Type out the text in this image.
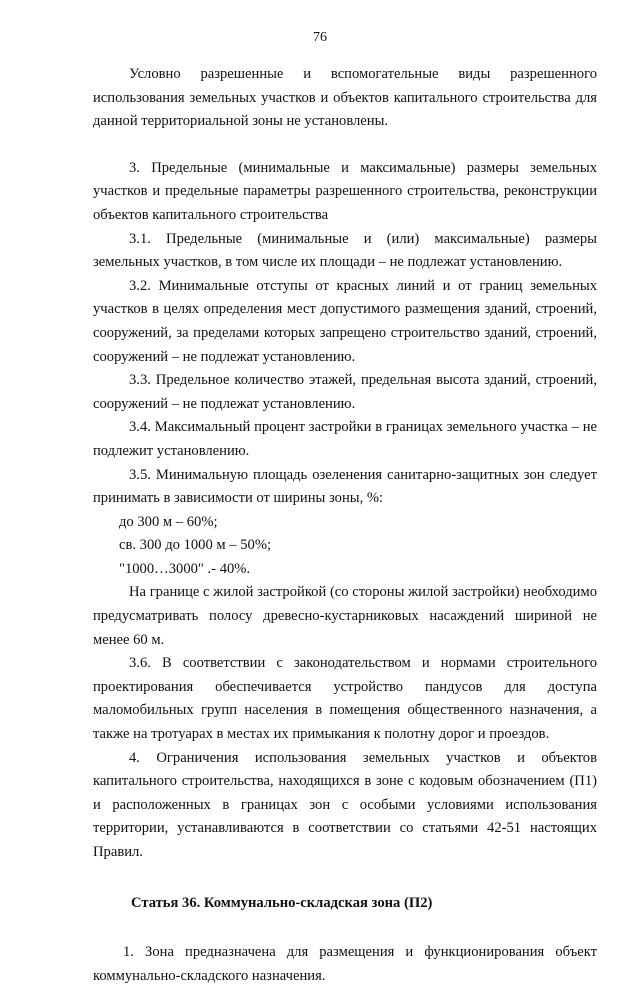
76

Условно разрешенные и вспомогательные виды разрешенного использования земельных участков и объектов капитального строительства для данной территориальной зоны не установлены.

3. Предельные (минимальные и максимальные) размеры земельных участков и предельные параметры разрешенного строительства, реконструкции объектов капитального строительства

3.1. Предельные (минимальные и (или) максимальные) размеры земельных участков, в том числе их площади – не подлежат установлению.

3.2. Минимальные отступы от красных линий и от границ земельных участков в целях определения мест допустимого размещения зданий, строений, сооружений, за пределами которых запрещено строительство зданий, строений, сооружений – не подлежат установлению.

3.3. Предельное количество этажей, предельная высота зданий, строений, сооружений – не подлежат установлению.

3.4. Максимальный процент застройки в границах земельного участка – не подлежит установлению.

3.5. Минимальную площадь озеленения санитарно-защитных зон следует принимать в зависимости от ширины зоны, %:

до 300 м – 60%;

св. 300 до 1000 м – 50%;

"1000…3000" .- 40%.

На границе с жилой застройкой (со стороны жилой застройки) необходимо предусматривать полосу древесно-кустарниковых насаждений шириной не менее 60 м.

3.6. В соответствии с законодательством и нормами строительного проектирования обеспечивается устройство пандусов для доступа маломобильных групп населения в помещения общественного назначения, а также на тротуарах в местах их примыкания к полотну дорог и проездов.

4. Ограничения использования земельных участков и объектов капитального строительства, находящихся в зоне с кодовым обозначением (П1) и расположенных в границах зон с особыми условиями использования территории, устанавливаются в соответствии со статьями 42-51 настоящих Правил.

Статья 36. Коммунально-складская зона (П2)

1. Зона предназначена для размещения и функционирования объект коммунально-складского назначения.
